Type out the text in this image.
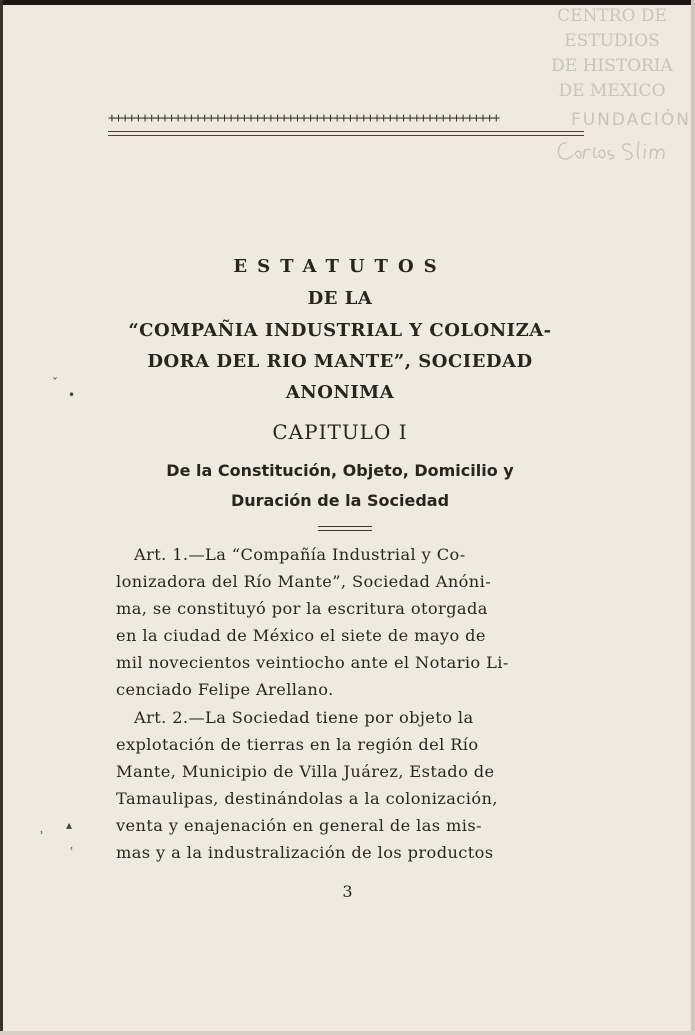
CENTRO DE
ESTUDIOS
DE HISTORIA
DE MEXICO
FUNDACIÓN
+++++++++++++++++++++++++++++++++++++++++++++++++++++++++++
ESTATUTOS
DE LA
“COMPAÑIA INDUSTRIAL Y COLONIZA-
DORA DEL RIO MANTE”, SOCIEDAD
ANONIMA
CAPITULO I
De la Constitución, Objeto, Domicilio y
Duración de la Sociedad
Art. 1.—La “Compañía Industrial y Co-
lonizadora del Río Mante”, Sociedad Anóni-
ma, se constituyó por la escritura otorgada
en la ciudad de México el siete de mayo de
mil novecientos veintiocho ante el Notario Li-
cenciado Felipe Arellano.
Art. 2.—La Sociedad tiene por objeto la
explotación de tierras en la región del Río
Mante, Municipio de Villa Juárez, Estado de
Tamaulipas, destinándolas a la colonización,
venta y enajenación en general de las mis-
mas y a la industralización de los productos
3
ˇ
•
˒
▴
˓
